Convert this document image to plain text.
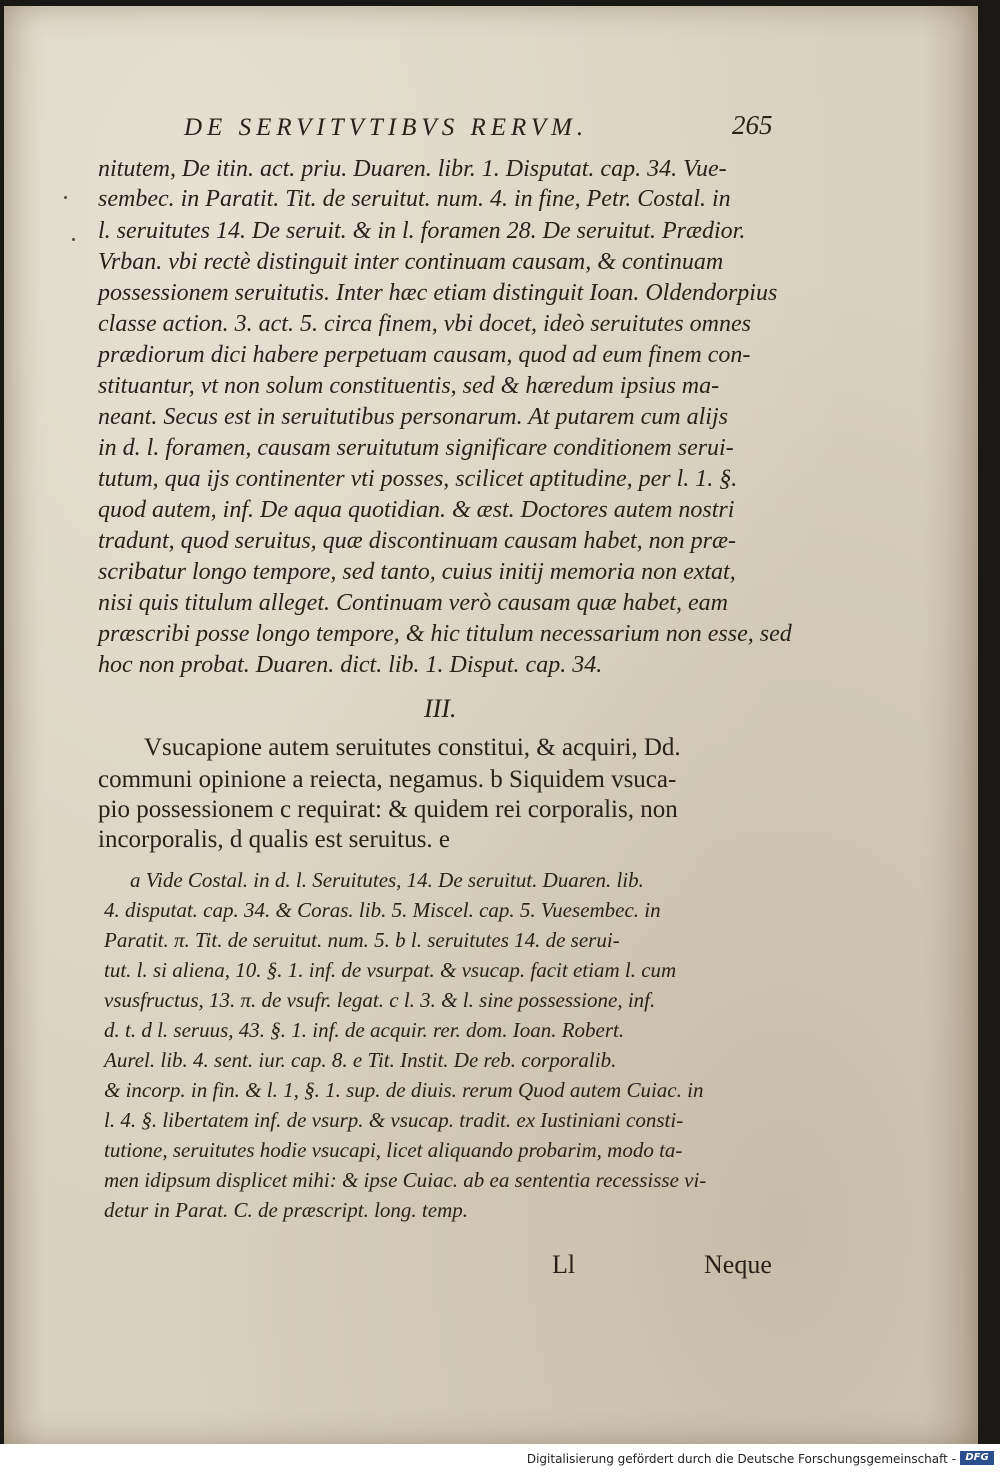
DE SERVITVTIBVS RERVM.	265
nitutem, De itin. act. priu. Duaren. libr. 1. Disputat. cap. 34. Vue-
sembec. in Paratit. Tit. de seruitut. num. 4. in fine, Petr. Costal. in
l. seruitutes 14. De seruit. & in l. foramen 28. De seruitut. Prædior.
Vrban. vbi rectè distinguit inter continuam causam, & continuam
possessionem seruitutis. Inter hæc etiam distinguit Ioan. Oldendorpius
classe action. 3. act. 5. circa finem, vbi docet, ideò seruitutes omnes
prædiorum dici habere perpetuam causam, quod ad eum finem con-
stituantur, vt non solum constituentis, sed & hæredum ipsius ma-
neant. Secus est in seruitutibus personarum. At putarem cum alijs
in d. l. foramen, causam seruitutum significare conditionem serui-
tutum, qua ijs continenter vti posses, scilicet aptitudine, per l. 1. §.
quod autem, inf. De aqua quotidian. & æst. Doctores autem nostri
tradunt, quod seruitus, quæ discontinuam causam habet, non præ-
scribatur longo tempore, sed tanto, cuius initij memoria non extat,
nisi quis titulum alleget. Continuam verò causam quæ habet, eam
præscribi posse longo tempore, & hic titulum necessarium non esse, sed
hoc non probat. Duaren. dict. lib. 1. Disput. cap. 34.
III.
Vsucapione autem seruitutes constitui, & acquiri, Dd.
communi opinione a reiecta, negamus. b Siquidem vsuca-
pio possessionem c requirat: & quidem rei corporalis, non
incorporalis, d qualis est seruitus. e
a Vide Costal. in d. l. Seruitutes, 14. De seruitut. Duaren. lib.
4. disputat. cap. 34. & Coras. lib. 5. Miscel. cap. 5. Vuesembec. in
Paratit. π. Tit. de seruitut. num. 5. b l. seruitutes 14. de serui-
tut. l. si aliena, 10. §. 1. inf. de vsurpat. & vsucap. facit etiam l. cum
vsusfructus, 13. π. de vsufr. legat. c l. 3. & l. sine possessione, inf.
d. t. d l. seruus, 43. §. 1. inf. de acquir. rer. dom. Ioan. Robert.
Aurel. lib. 4. sent. iur. cap. 8. e Tit. Instit. De reb. corporalib.
& incorp. in fin. & l. 1, §. 1. sup. de diuis. rerum Quod autem Cuiac. in
l. 4. §. libertatem inf. de vsurp. & vsucap. tradit. ex Iustiniani consti-
tutione, seruitutes hodie vsucapi, licet aliquando probarim, modo ta-
men idipsum displicet mihi: & ipse Cuiac. ab ea sententia recessisse vi-
detur in Parat. C. de præscript. long. temp.
Ll	Neque
Digitalisierung gefördert durch die Deutsche Forschungsgemeinschaft - DFG
